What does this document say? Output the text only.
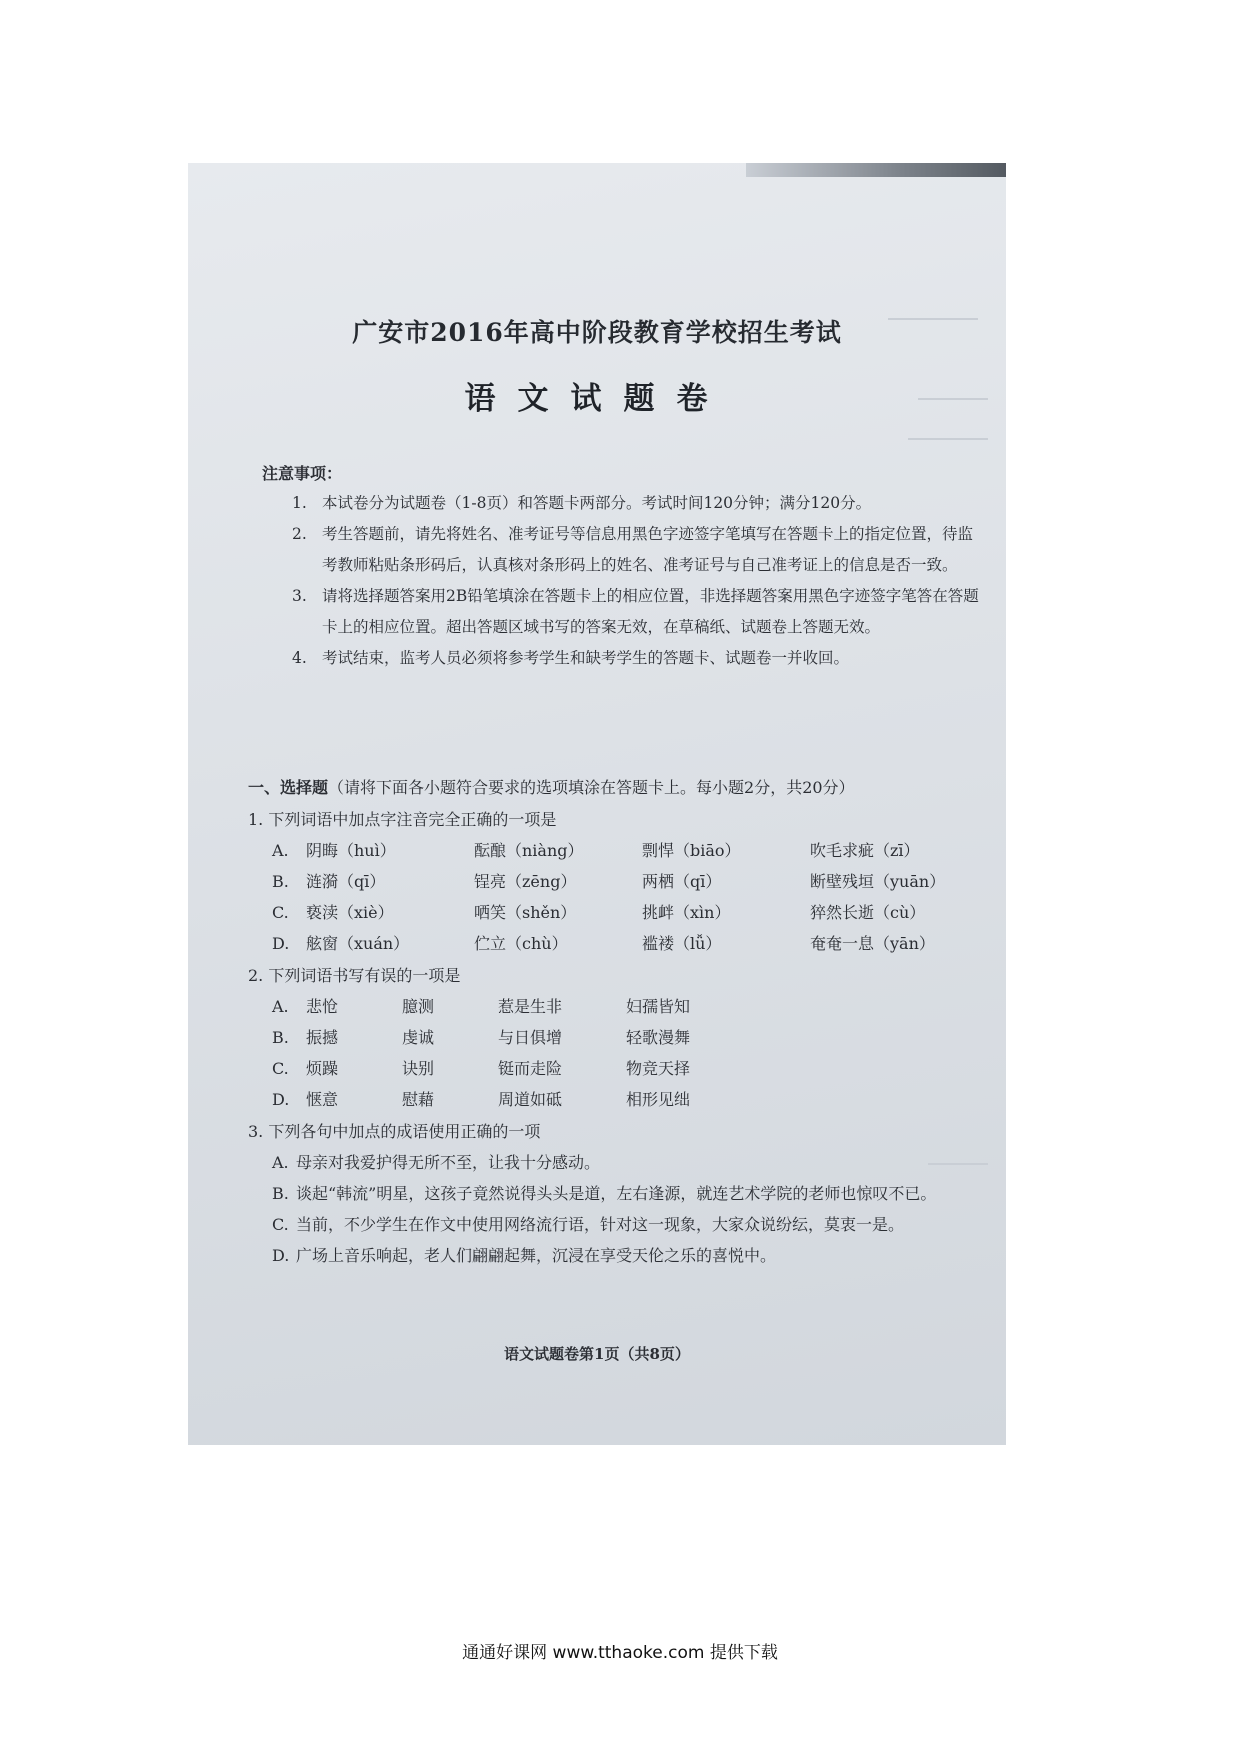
广安市2016年高中阶段教育学校招生考试
语文试题卷
注意事项：
1. 本试卷分为试题卷（1-8页）和答题卡两部分。考试时间120分钟；满分120分。
2. 考生答题前，请先将姓名、准考证号等信息用黑色字迹签字笔填写在答题卡上的指定位置，待监考教师粘贴条形码后，认真核对条形码上的姓名、准考证号与自己准考证上的信息是否一致。
3. 请将选择题答案用2B铅笔填涂在答题卡上的相应位置，非选择题答案用黑色字迹签字笔答在答题卡上的相应位置。超出答题区域书写的答案无效，在草稿纸、试题卷上答题无效。
4. 考试结束，监考人员必须将参考学生和缺考学生的答题卡、试题卷一并收回。
一、选择题（请将下面各小题符合要求的选项填涂在答题卡上。每小题2分，共20分）
1. 下列词语中加点字注音完全正确的一项是
A.	阴晦（huì）	酝酿（niàng）	剽悍（biāo）	吹毛求疵（zī）
B.	涟漪（qī）	锃亮（zēng）	两栖（qī）	断壁残垣（yuān）
C.	亵渎（xiè）	哂笑（shěn）	挑衅（xìn）	猝然长逝（cù）
D.	舷窗（xuán）	伫立（chù）	褴褛（lǚ）	奄奄一息（yān）
2. 下列词语书写有误的一项是
A.	悲怆	臆测	惹是生非	妇孺皆知
B.	振撼	虔诚	与日俱增	轻歌漫舞
C.	烦躁	诀别	铤而走险	物竞天择
D.	惬意	慰藉	周道如砥	相形见绌
3. 下列各句中加点的成语使用正确的一项
A. 母亲对我爱护得无所不至，让我十分感动。
B. 谈起“韩流”明星，这孩子竟然说得头头是道，左右逢源，就连艺术学院的老师也惊叹不已。
C. 当前，不少学生在作文中使用网络流行语，针对这一现象，大家众说纷纭，莫衷一是。
D. 广场上音乐响起，老人们翩翩起舞，沉浸在享受天伦之乐的喜悦中。
语文试题卷第1页（共8页）
通通好课网 www.tthaoke.com 提供下载
